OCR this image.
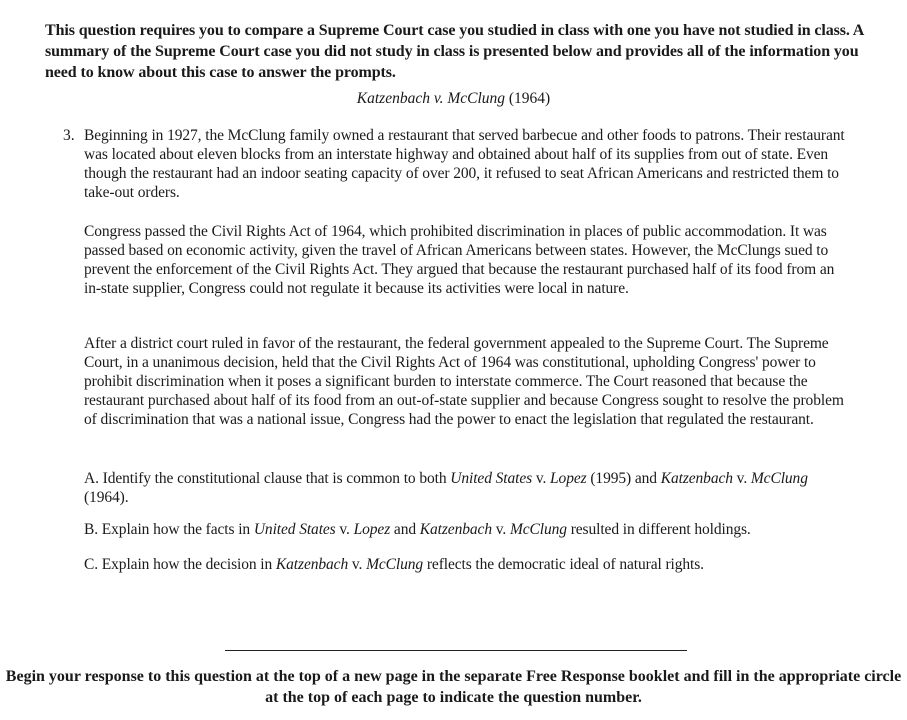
This question requires you to compare a Supreme Court case you studied in class with one you have not studied in class. A summary of the Supreme Court case you did not study in class is presented below and provides all of the information you need to know about this case to answer the prompts.
Katzenbach v. McClung (1964)
3. Beginning in 1927, the McClung family owned a restaurant that served barbecue and other foods to patrons. Their restaurant was located about eleven blocks from an interstate highway and obtained about half of its supplies from out of state. Even though the restaurant had an indoor seating capacity of over 200, it refused to seat African Americans and restricted them to take-out orders.
Congress passed the Civil Rights Act of 1964, which prohibited discrimination in places of public accommodation. It was passed based on economic activity, given the travel of African Americans between states. However, the McClungs sued to prevent the enforcement of the Civil Rights Act. They argued that because the restaurant purchased half of its food from an in-state supplier, Congress could not regulate it because its activities were local in nature.
After a district court ruled in favor of the restaurant, the federal government appealed to the Supreme Court. The Supreme Court, in a unanimous decision, held that the Civil Rights Act of 1964 was constitutional, upholding Congress' power to prohibit discrimination when it poses a significant burden to interstate commerce. The Court reasoned that because the restaurant purchased about half of its food from an out-of-state supplier and because Congress sought to resolve the problem of discrimination that was a national issue, Congress had the power to enact the legislation that regulated the restaurant.
A. Identify the constitutional clause that is common to both United States v. Lopez (1995) and Katzenbach v. McClung (1964).
B. Explain how the facts in United States v. Lopez and Katzenbach v. McClung resulted in different holdings.
C. Explain how the decision in Katzenbach v. McClung reflects the democratic ideal of natural rights.
Begin your response to this question at the top of a new page in the separate Free Response booklet and fill in the appropriate circle at the top of each page to indicate the question number.
